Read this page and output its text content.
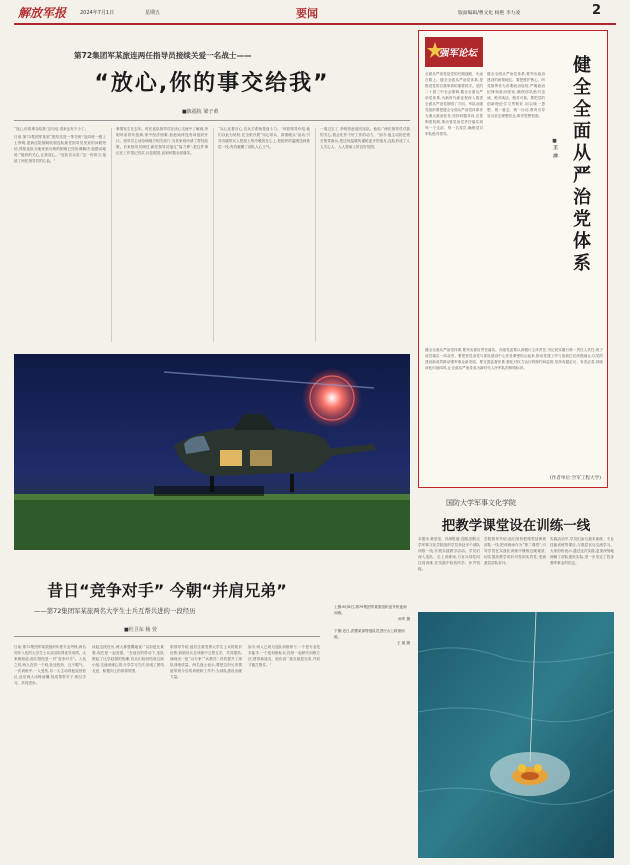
解放军报	2024年7月1日	星期五	要闻	版面编辑/曹文化 杨艳 李力凌	2
第72集团军某旅连两任指导员接续关爱一名战士——
“放心,你的事交给我”
■陈福杭 梁子黄
“放心,你的事交给我”这句话,得来也有不少了。
日前,第72集团军某旅“团结先进一等功班”连四班一级上士李明,患病住院期间收到连队新任指导员发来的问候短信,得知连队为他家里反映的困难已经协调解决,他感动地说:“组织的关心,让我放心。”连队官兵说:“这一份担当,接续了两任指导员的心血。”
事情发生在去年。时任连队指导员在谈心交流中了解到,李明母亲常年患病,家中经济困难,但他始终没有向组织开口。指导员主动协调地方相关部门,为其家庭申请了帮扶政策。后来指导员调任,新任指导员接过“接力棒”,把这件事记在工作笔记首页,反复跟进,直到问题全部落实。
“兵心连着官心,官兵关系就是战斗力。”该旅领导介绍,他们以此为契机,在全旅开展“用心带兵、真情暖兵”活动,引导各级带兵人把战士的冷暖放在心上,把组织的温暖送到基层一线,有效凝聚了部队人心士气。
一周过去了,李明伤愈返回连队。他说:“两任指导员对我的关心,我会化作干好工作的动力。”如今,他主动担任班长帮带新兵,把这份温暖传递给更多的战友,连队形成了人人关心人、人人帮助人的良好氛围。
强军论坛
健全全面从严治党体系
■王 洋
全面从严治党是党的长期战略、永远在路上。健全全面从严治党体系,是推进党的自我革命的重要抓手。党的二十届三中全会强调,健全全面从严治党体系,为新时代新征程深入推进全面从严治党指明了方向。军队各级党组织要把健全全面从严治党体系作为重大政治任务,坚持问题导向,完善制度机制,推动管党治党责任落实到每一个支部、每一名党员,确保党对军队绝对领导。
健全全面从严治党体系,要突出政治建设的统领地位。要把维护核心、听党指挥作为首要政治原则,严明政治纪律和政治规矩,确保部队绝对忠诚、绝对纯洁、绝对可靠。要把党的创新理论学习贯彻好,用以统一思想、统一意志、统一行动,教育引导官兵坚定理想信念,筑牢思想根基。
健全全面从严治党体系,要突出抓好责任落实。各级党委要认真履行主体责任,书记切实履行第一责任人责任,班子成员落实一岗双责。要把管党治党与部队建设中心任务紧密结合起来,推动党建工作与备战打仗深度融合,以党的建设新成效推动强军事业新发展。要完善监督体系,强化对权力运行的制约和监督,坚持有腐必反、有贪必肃,持续深化纠治四风,让全面从严治党成为新时代人民军队的鲜明标识。
(作者单位:空军工程大学)
国防大学军事文化学院
把教学课堂设在训练一线
本报讯 黄莹莹、冯涛报道:近期,国防大学军事文化学院组织学员奔赴多个部队训练一线,开展实践教学活动。学员们深入连队、走上训练场,与官兵同吃同住同训练,在实践中检验所学、补齐短板。
学院领导介绍,他们坚持把课堂延伸到部队一线,把训练场作为“第二课堂”,引导学员在实战化训练中锤炼过硬素质,切实提高教学的针对性和实效性,受到基层部队好评。
实践活动中,学员们参与战术演练、专业技能训练等课目,与基层官兵交流学习。大家纷纷表示,通过这次实践,更加深刻地理解了部队建设实际,进一步坚定了投身强军事业的信念。
昔日“竞争对手” 今朝“并肩兄弟”
——第72集团军某旅两名大学生士兵互帮共进的一段经历
■杜卫东 杨 萱
日前,第72集团军某旅组织年度专业考核,两名同年入伍的大学生士兵双双取得优异成绩。大家都知道,他们曾经是一对“竞争对手”。入伍之初,两人在同一个班,处处较劲、互不服气。一次训练中,一人受伤,另一人主动背他返回营区,此后两人冰释前嫌,结成帮带对子,相互学习、共同进步。
谈起这段经历,两人都感慨地说:“以前是比谁强,现在是一起变强。”在他们的带动下,连队掀起了比学赶超的热潮,官兵们纷纷结成互助小组,交流训练心得,分享学习方法,形成了团结友爱、积极向上的浓厚氛围。
旅领导介绍,他们注重发挥大学生士兵的知识优势,鼓励官兵在训练中互帮互学、共同提高,涌现出一批“兵专家”“兵教员”,有效提升了部队训练质量。两名战士表示,要把这份兄弟情谊带到今后的训练和工作中,为部队建设贡献力量。
如今,两人已成为连队训练骨干,一个是专业技术能手,一个是训练标兵,经常一起研究训练方法,帮带新战友。他们说:“战友就是兄弟,并肩才能打胜仗。”
上图:8月8日,第79集团军某旅组织直升机夜间训练。
孙军 摄
下图:近日,武警某部特战队员进行水上救援训练。
王 斌 摄
